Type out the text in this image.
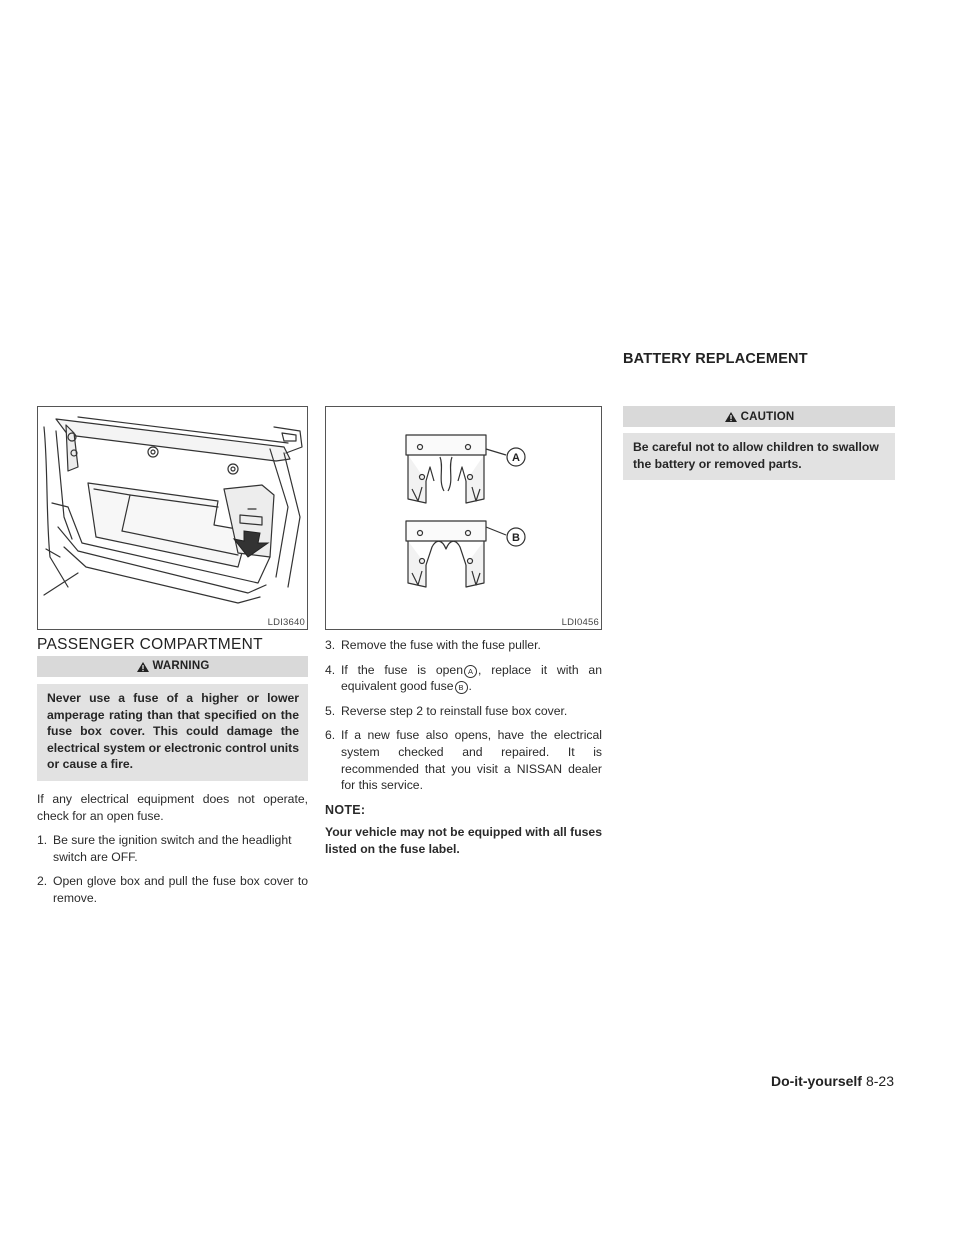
BATTERY REPLACEMENT
LDI3640
A
B
LDI0456
PASSENGER COMPARTMENT
WARNING
Never use a fuse of a higher or lower amperage rating than that specified on the fuse box cover. This could damage the electrical system or electronic control units or cause a fire.

If any electrical equipment does not operate, check for an open fuse.

1. Be sure the ignition switch and the headlight switch are OFF.
2. Open glove box and pull the fuse box cover to remove.
3. Remove the fuse with the fuse puller.
4. If the fuse is open A , replace it with an equivalent good fuse B .
5. Reverse step 2 to reinstall fuse box cover.
6. If a new fuse also opens, have the electrical system checked and repaired. It is recommended that you visit a NISSAN dealer for this service.
NOTE:

Your vehicle may not be equipped with all fuses listed on the fuse label.

CAUTION
Be careful not to allow children to swallow the battery or removed parts.
Do-it-yourself 8-23
